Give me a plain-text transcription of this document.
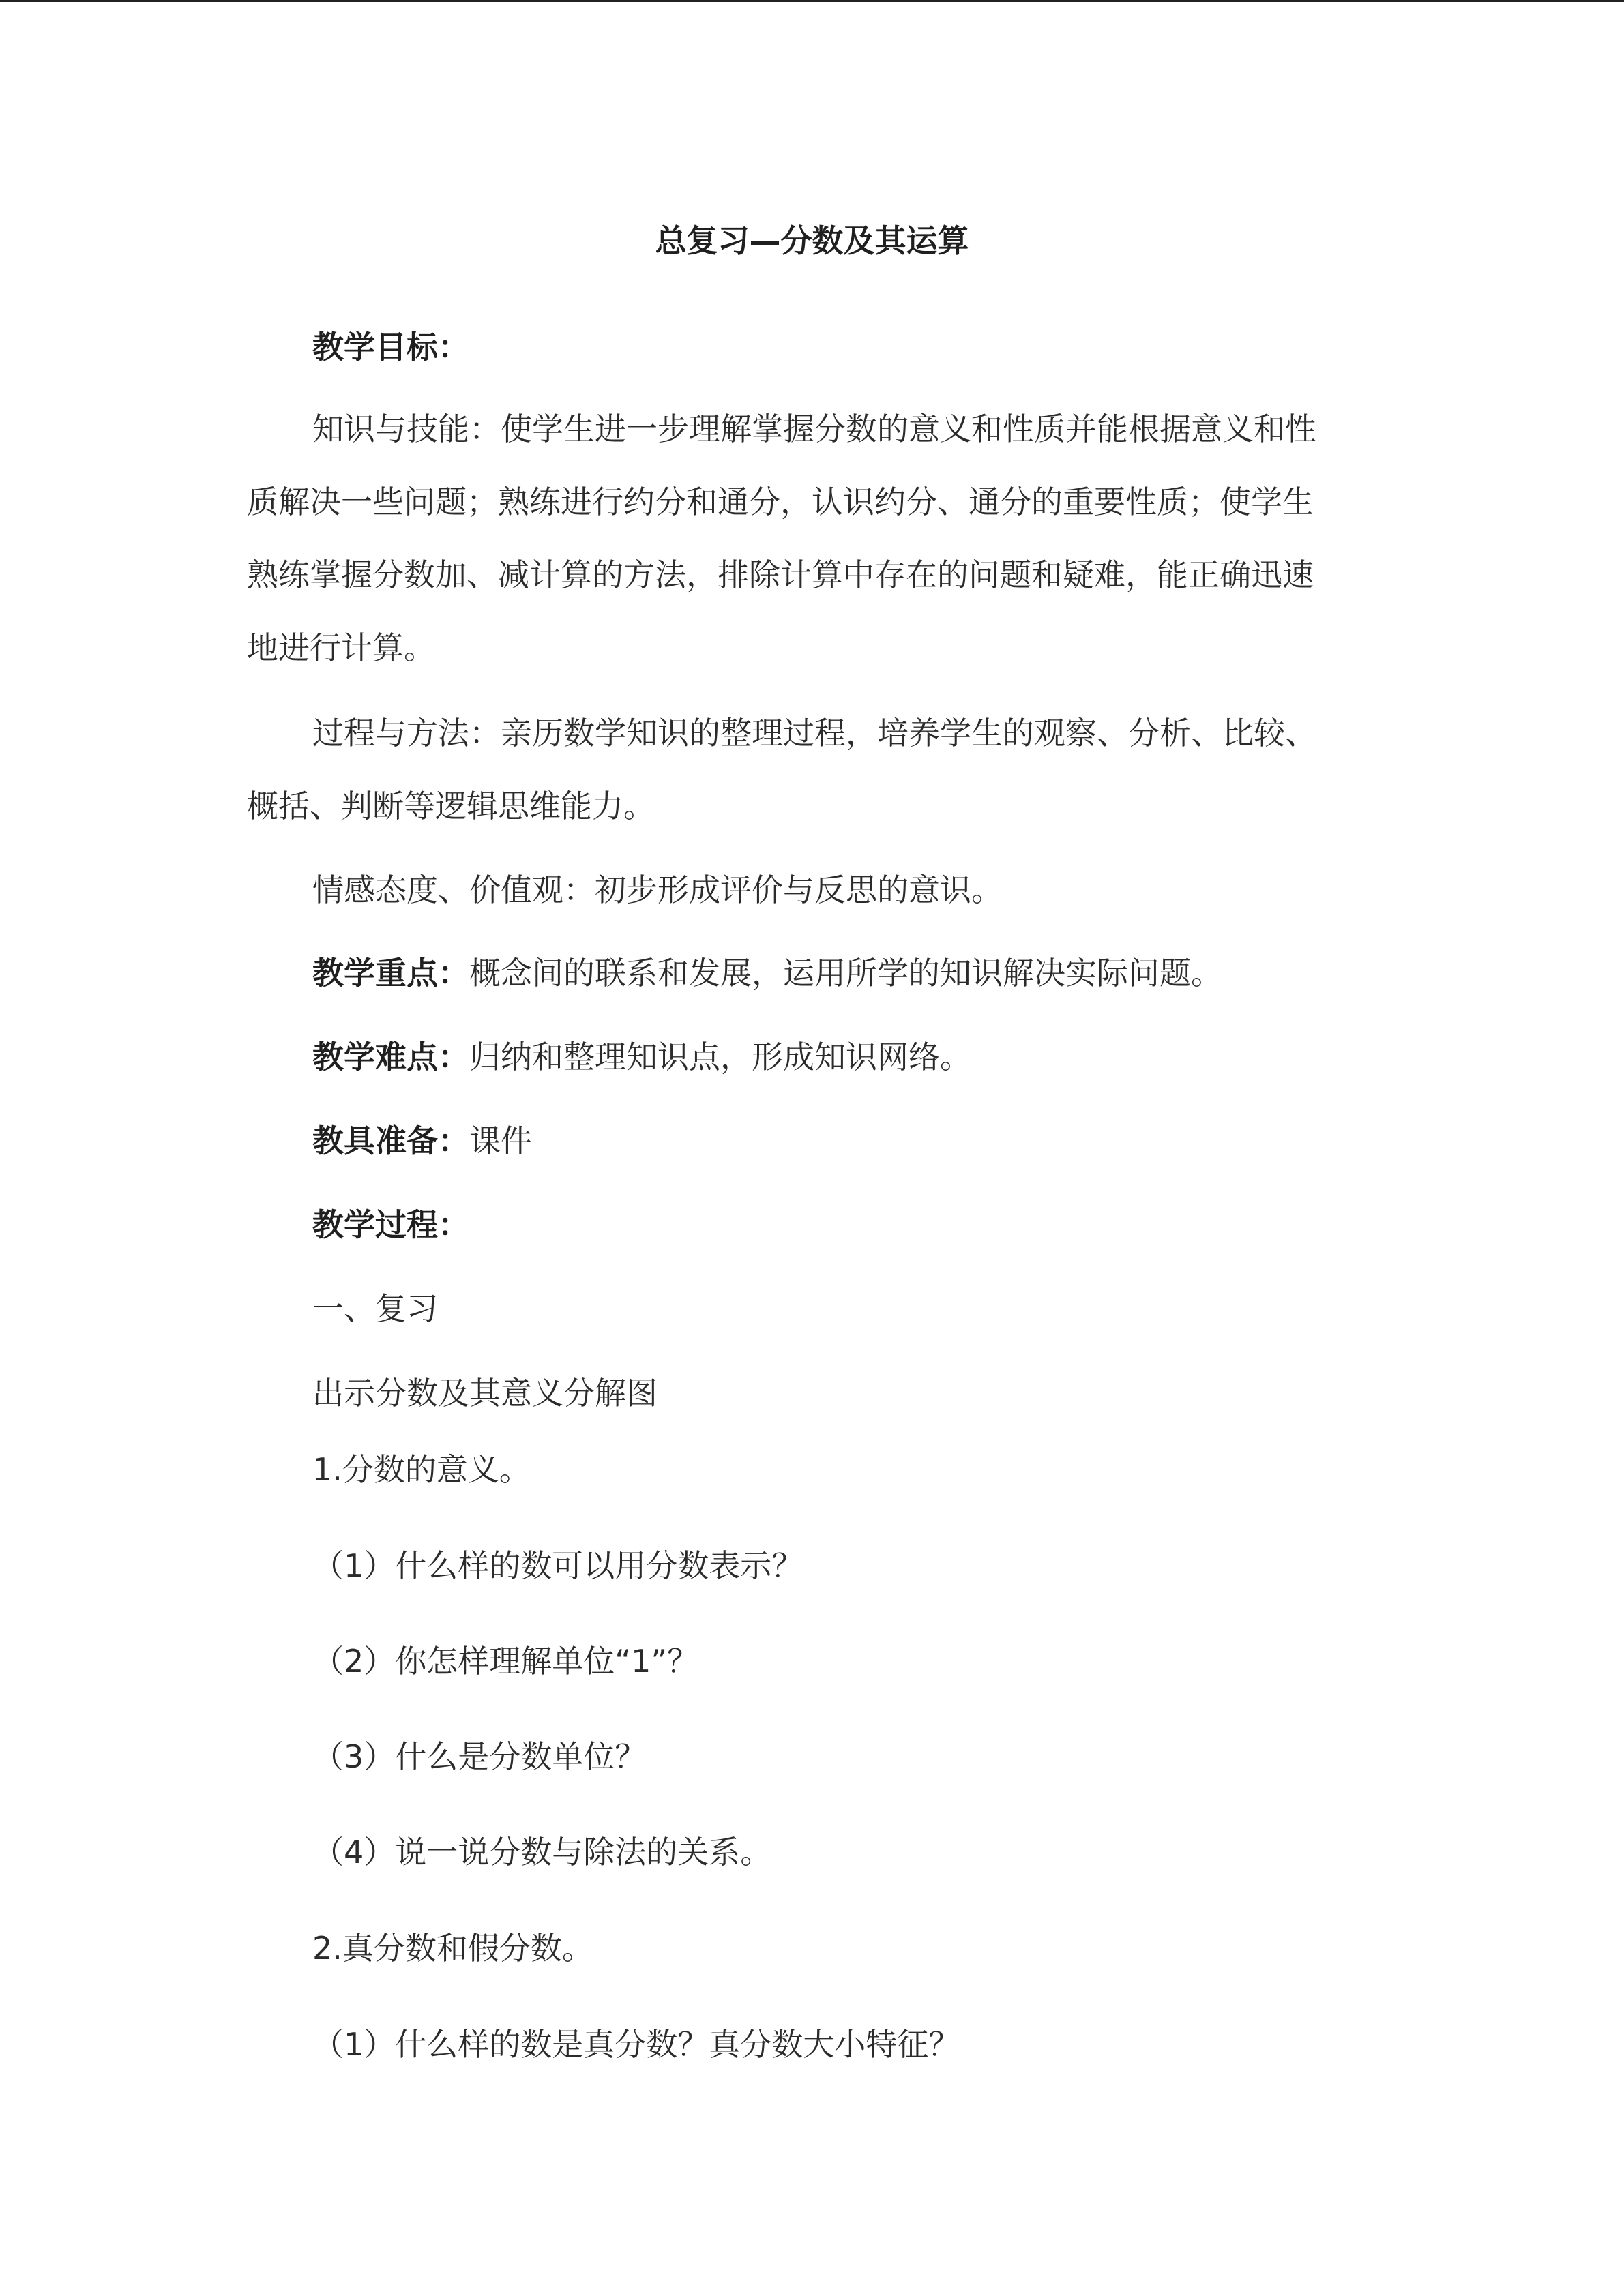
总复习—分数及其运算
教学目标：
知识与技能：使学生进一步理解掌握分数的意义和性质并能根据意义和性
质解决一些问题；熟练进行约分和通分，认识约分、通分的重要性质；使学生
熟练掌握分数加、减计算的方法，排除计算中存在的问题和疑难，能正确迅速
地进行计算。
过程与方法：亲历数学知识的整理过程，培养学生的观察、分析、比较、
概括、判断等逻辑思维能力。
情感态度、价值观：初步形成评价与反思的意识。
教学重点：概念间的联系和发展，运用所学的知识解决实际问题。
教学难点：归纳和整理知识点，形成知识网络。
教具准备：课件
教学过程：
一、复习
出示分数及其意义分解图
1.分数的意义。
（1）什么样的数可以用分数表示？
（2）你怎样理解单位“1”？
（3）什么是分数单位？
（4）说一说分数与除法的关系。
2.真分数和假分数。
（1）什么样的数是真分数？真分数大小特征？
